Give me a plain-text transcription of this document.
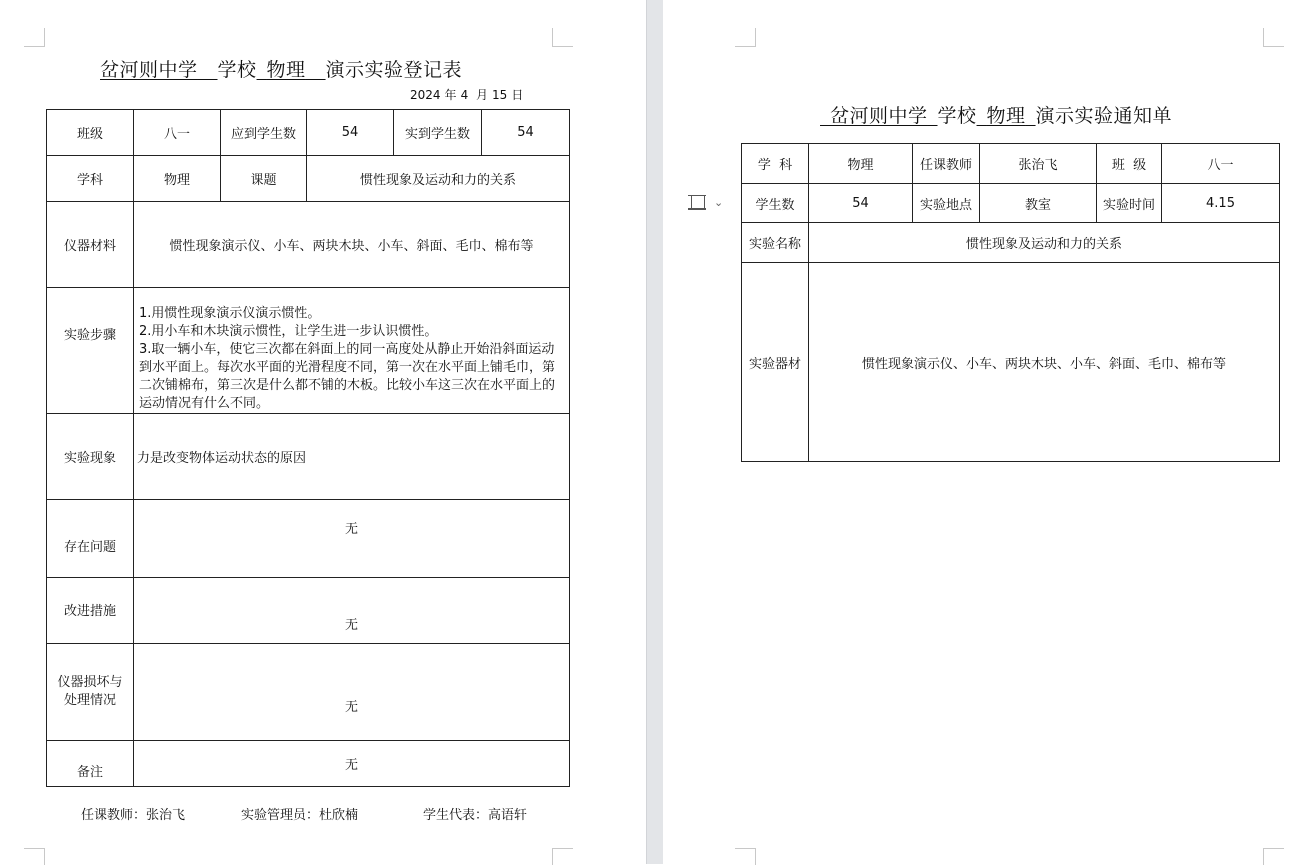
岔河则中学   学校  物理   演示实验登记表
2024 年 4 月 15 日
班级	八一	应到学生数	54	实到学生数	54
学科	物理	课题	惯性现象及运动和力的关系		
仪器材料	惯性现象演示仪、小车、两块木块、小车、斜面、毛巾、棉布等				
实验步骤	1.用惯性现象演示仪演示惯性。
2.用小车和木块演示惯性，让学生进一步认识惯性。
3.取一辆小车，使它三次都在斜面上的同一高度处从静止开始沿斜面运动到水平面上。每次水平面的光滑程度不同，第一次在水平面上铺毛巾，第二次铺棉布，第三次是什么都不铺的木板。比较小车这三次在水平面上的运动情况有什么不同。				

实验现象	力是改变物体运动状态的原因				
存在问题	无				
改进措施	无				

仪器损坏与
处理情况	无				
备注	无				
任课教师：张治飞	实验管理员：杜欣楠	学生代表：高语轩
 岔河则中学  学校  物理  演示实验通知单
学  科	物理	任课教师	张治飞	班  级	八一
学生数	54	实验地点	教室	实验时间	4.15
实验名称	惯性现象及运动和力的关系				
实验器材	惯性现象演示仪、小车、两块木块、小车、斜面、毛巾、棉布等				
⌄
